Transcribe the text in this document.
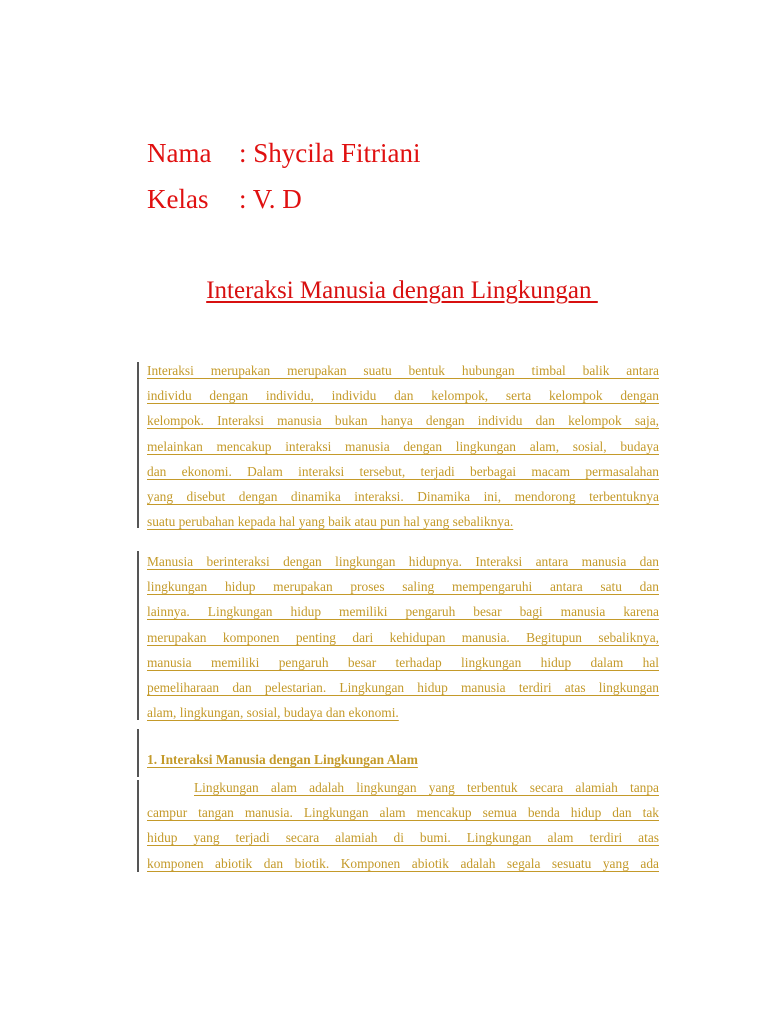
Nama : Shycila Fitriani
Kelas : V. D
Interaksi Manusia dengan Lingkungan
Interaksi merupakan merupakan suatu bentuk hubungan timbal balik antara
individu dengan individu, individu dan kelompok, serta kelompok dengan
kelompok. Interaksi manusia bukan hanya dengan individu dan kelompok saja,
melainkan mencakup interaksi manusia dengan lingkungan alam, sosial, budaya
dan ekonomi. Dalam interaksi tersebut, terjadi berbagai macam permasalahan
yang disebut dengan dinamika interaksi. Dinamika ini, mendorong terbentuknya
suatu perubahan kepada hal yang baik atau pun hal yang sebaliknya.
Manusia berinteraksi dengan lingkungan hidupnya. Interaksi antara manusia dan
lingkungan hidup merupakan proses saling mempengaruhi antara satu dan
lainnya. Lingkungan hidup memiliki pengaruh besar bagi manusia karena
merupakan komponen penting dari kehidupan manusia. Begitupun sebaliknya,
manusia memiliki pengaruh besar terhadap lingkungan hidup dalam hal
pemeliharaan dan pelestarian. Lingkungan hidup manusia terdiri atas lingkungan
alam, lingkungan, sosial, budaya dan ekonomi.
1. Interaksi Manusia dengan Lingkungan Alam
Lingkungan alam adalah lingkungan yang terbentuk secara alamiah tanpa
campur tangan manusia. Lingkungan alam mencakup semua benda hidup dan tak
hidup yang terjadi secara alamiah di bumi. Lingkungan alam terdiri atas
komponen abiotik dan biotik. Komponen abiotik adalah segala sesuatu yang ada
